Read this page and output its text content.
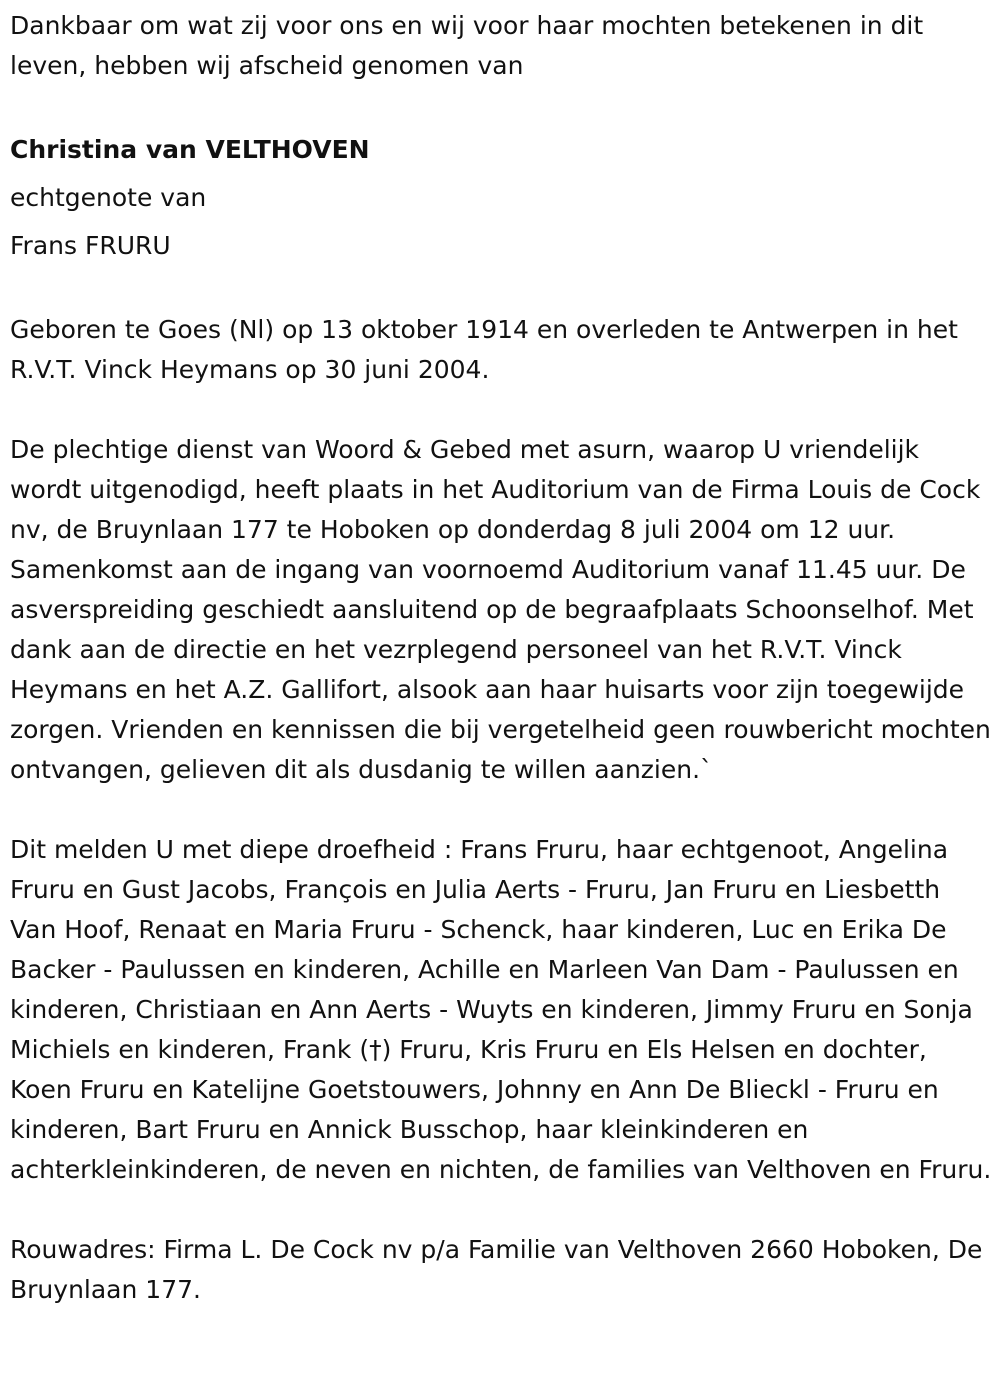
Dankbaar om wat zij voor ons en wij voor haar mochten betekenen in dit leven, hebben wij afscheid genomen van

Christina van VELTHOVEN

echtgenote van

Frans FRURU

Geboren te Goes (Nl) op 13 oktober 1914 en overleden te Antwerpen in het R.V.T. Vinck Heymans op 30 juni 2004.

De plechtige dienst van Woord & Gebed met asurn, waarop U vriendelijk wordt uitgenodigd, heeft plaats in het Auditorium van de Firma Louis de Cock nv, de Bruynlaan 177 te Hoboken op donderdag 8 juli 2004 om 12 uur. Samenkomst aan de ingang van voornoemd Auditorium vanaf 11.45 uur. De asverspreiding geschiedt aansluitend op de begraafplaats Schoonselhof. Met dank aan de directie en het vezrplegend personeel van het R.V.T. Vinck Heymans en het A.Z. Gallifort, alsook aan haar huisarts voor zijn toegewijde zorgen. Vrienden en kennissen die bij vergetelheid geen rouwbericht mochten ontvangen, gelieven dit als dusdanig te willen aanzien.`

Dit melden U met diepe droefheid : Frans Fruru, haar echtgenoot, Angelina Fruru en Gust Jacobs, François en Julia Aerts - Fruru, Jan Fruru en Liesbetth Van Hoof, Renaat en Maria Fruru - Schenck, haar kinderen, Luc en Erika De Backer - Paulussen en kinderen, Achille en Marleen Van Dam - Paulussen en kinderen, Christiaan en Ann Aerts - Wuyts en kinderen, Jimmy Fruru en Sonja Michiels en kinderen, Frank (†) Fruru, Kris Fruru en Els Helsen en dochter, Koen Fruru en Katelijne Goetstouwers, Johnny en Ann De Blieckl - Fruru en kinderen, Bart Fruru en Annick Busschop, haar kleinkinderen en achterkleinkinderen, de neven en nichten, de families van Velthoven en Fruru.

Rouwadres: Firma L. De Cock nv p/a Familie van Velthoven 2660 Hoboken, De Bruynlaan 177.
